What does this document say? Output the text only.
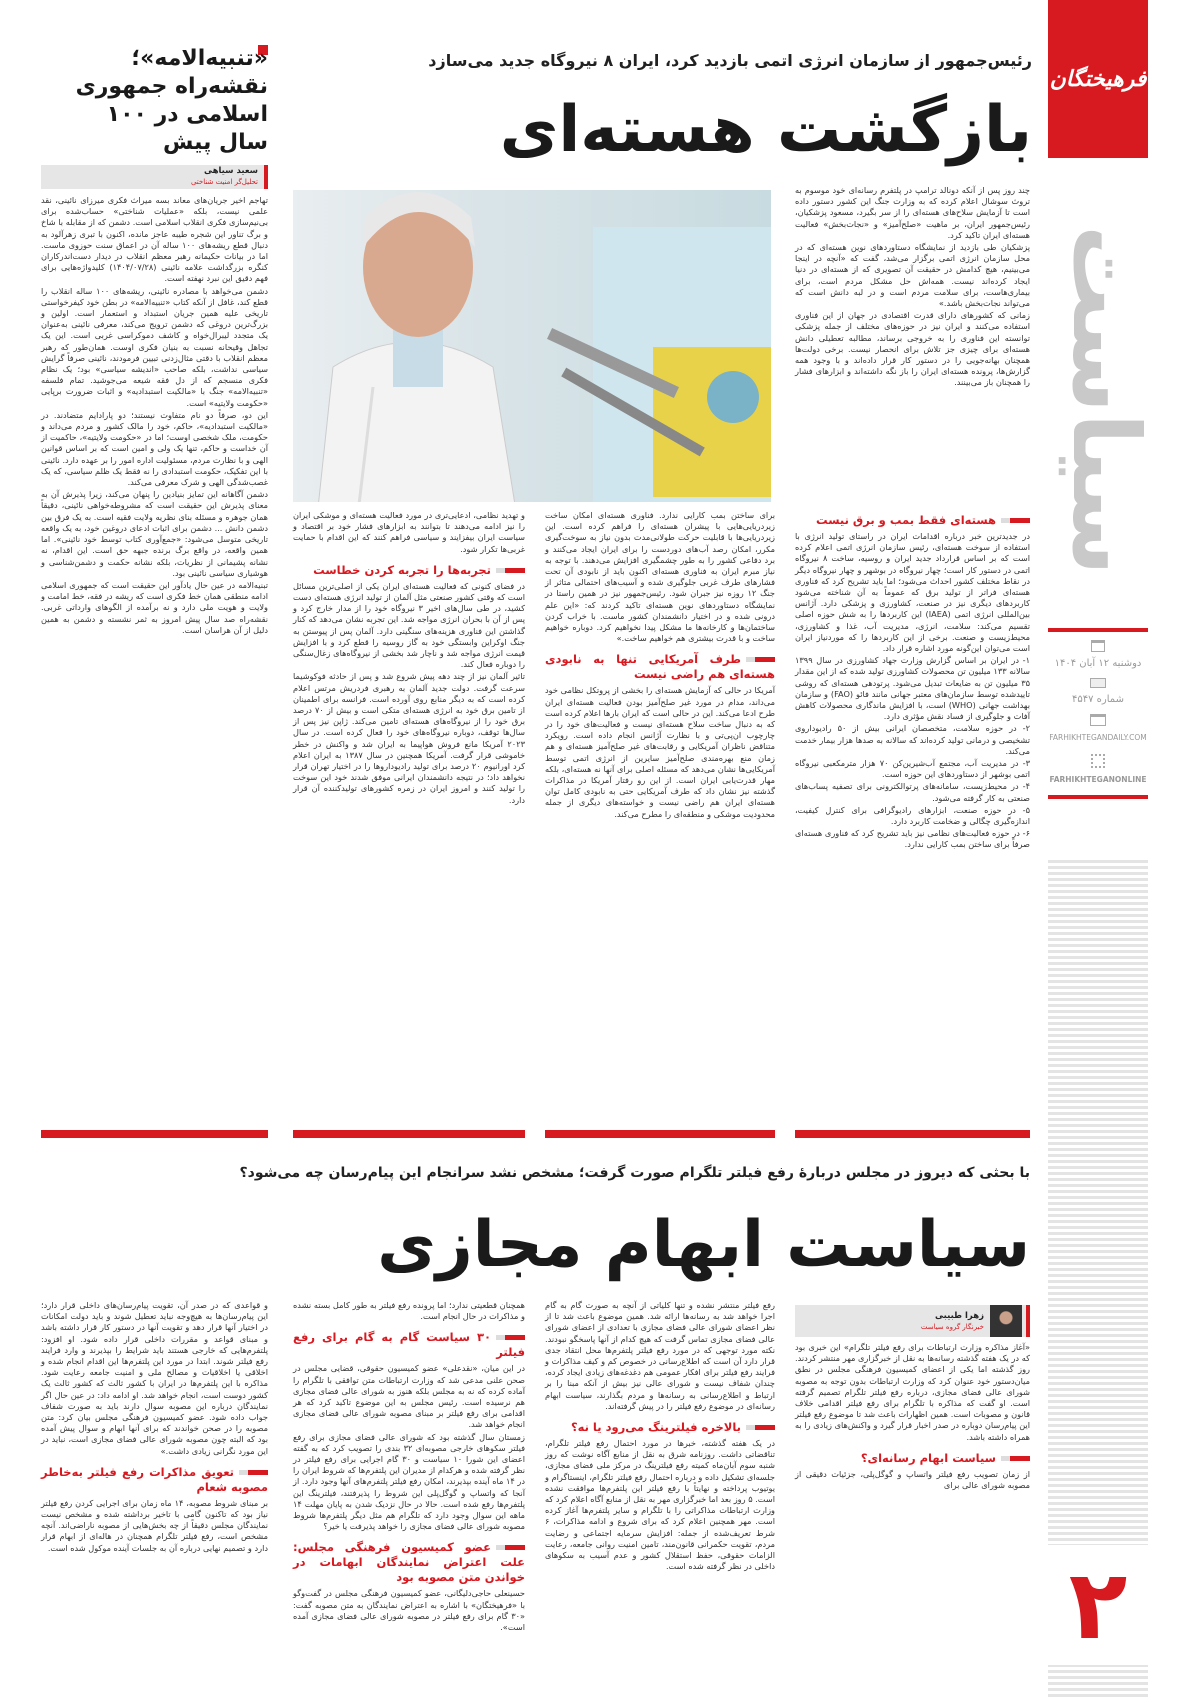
فرهیختگان
سیاست
دوشنبه ۱۲ آبان ۱۴۰۴
شماره ۴۵۴۷
FARHIKHTEGANDAILY.COM
FARHIKHTEGANONLINE
۲
رئیس‌جمهور از سازمان انرژی اتمی بازدید کرد، ایران ۸ نیروگاه جدید می‌سازد
بازگشت هسته‌ای

چند روز پس از آنکه دونالد ترامپ در پلتفرم رسانه‌ای خود موسوم به تروث سوشال اعلام کرده که به وزارت جنگ این کشور دستور داده است تا آزمایش سلاح‌های هسته‌ای را از سر بگیرد، مسعود پزشکیان، رئیس‌جمهور ایران، بر ماهیت «صلح‌آمیز» و «نجات‌بخش» فعالیت هسته‌ای ایران تاکید کرد.

پزشکیان طی بازدید از نمایشگاه دستاوردهای نوین هسته‌ای که در محل سازمان انرژی اتمی برگزار می‌شد، گفت که «آنچه در اینجا می‌بینیم، هیچ کدامش در حقیقت آن تصویری که از هسته‌ای در دنیا ایجاد کرده‌اند نیست. همه‌اش حل مشکل مردم است، برای بیماری‌هاست، برای سلامت مردم است و در لبه دانش است که می‌تواند نجات‌بخش باشد.»

زمانی که کشورهای دارای قدرت اقتصادی در جهان از این فناوری استفاده می‌کنند و ایران نیز در حوزه‌های مختلف از جمله پزشکی توانسته این فناوری را به خروجی برساند، مطالبه تعطیلی دانش هسته‌ای برای چیزی جز تلاش برای انحصار نیست. برخی دولت‌ها همچنان بهانه‌جویی را در دستور کار قرار داده‌اند و با وجود همه گزارش‌ها، پرونده هسته‌ای ایران را باز نگه داشته‌اند و ابزارهای فشار را همچنان باز می‌بینند.

هسته‌ای فقط بمب و برق نیست

در جدیدترین خبر درباره اقدامات ایران در راستای تولید انرژی با استفاده از سوخت هسته‌ای، رئیس سازمان انرژی اتمی اعلام کرده است که بر اساس قرارداد جدید ایران و روسیه، ساخت ۸ نیروگاه اتمی در دستور کار است؛ چهار نیروگاه در بوشهر و چهار نیروگاه دیگر در نقاط مختلف کشور احداث می‌شود؛ اما باید تشریح کرد که فناوری هسته‌ای فراتر از تولید برق که عموماً به آن شناخته می‌شود کاربردهای دیگری نیز در صنعت، کشاورزی و پزشکی دارد. آژانس بین‌المللی انرژی اتمی (IAEA) این کاربردها را به شش حوزه اصلی تقسیم می‌کند: سلامت، انرژی، مدیریت آب، غذا و کشاورزی، محیط‌زیست و صنعت. برخی از این کاربردها را که موردنیاز ایران است می‌توان این‌گونه مورد اشاره قرار داد.

۱- در ایران بر اساس گزارش وزارت جهاد کشاورزی در سال ۱۳۹۹ سالانه ۱۳۳ میلیون تن محصولات کشاورزی تولید شده که از این مقدار ۳۵ میلیون تن به ضایعات تبدیل می‌شود. پرتودهی هسته‌ای که روشی تاییدشده توسط سازمان‌های معتبر جهانی مانند فائو (FAO) و سازمان بهداشت جهانی (WHO) است، با افزایش ماندگاری محصولات کاهش آفات و جلوگیری از فساد نقش مؤثری دارد.

۲- در حوزه سلامت، متخصصان ایرانی بیش از ۵۰ رادیوداروی تشخیصی و درمانی تولید کرده‌اند که سالانه به صدها هزار بیمار خدمت می‌کند.

۳- در مدیریت آب، مجتمع آب‌شیرین‌کن ۷۰ هزار مترمکعبی نیروگاه اتمی بوشهر از دستاوردهای این حوزه است.

۴- در محیط‌زیست، سامانه‌های پرتوالکترونی برای تصفیه پساب‌های صنعتی به کار گرفته می‌شود.

۵- در حوزه صنعت، ابزارهای رادیوگرافی برای کنترل کیفیت، اندازه‌گیری چگالی و ضخامت کاربرد دارد.

۶- در حوزه فعالیت‌های نظامی نیز باید تشریح کرد که فناوری هسته‌ای صرفاً برای ساختن بمب کارایی ندارد.

برای ساختن بمب کارایی ندارد. فناوری هسته‌ای امکان ساخت زیردریایی‌هایی با پیشران هسته‌ای را فراهم کرده است. این زیردریایی‌ها با قابلیت حرکت طولانی‌مدت بدون نیاز به سوخت‌گیری مکرر، امکان رصد آب‌های دوردست را برای ایران ایجاد می‌کنند و برد دفاعی کشور را به طور چشمگیری افزایش می‌دهند. با توجه به نیاز مبرم ایران به فناوری هسته‌ای اکنون باید از نابودی آن تحت فشارهای طرف غربی جلوگیری شده و آسیب‌های احتمالی متاثر از جنگ ۱۲ روزه نیز جبران شود. رئیس‌جمهور نیز در همین راستا در نمایشگاه دستاوردهای نوین هسته‌ای تاکید کردند که: «این علم درونی شده و در اختیار دانشمندان کشور ماست. با خراب کردن ساختمان‌ها و کارخانه‌ها ما مشکل پیدا نخواهیم کرد. دوباره خواهیم ساخت و با قدرت بیشتری هم خواهیم ساخت.»

طرف آمریکایی تنها به نابودی هسته‌ای هم راضی نیست

آمریکا در حالی که آزمایش هسته‌ای را بخشی از پروتکل نظامی خود می‌داند، مدام در مورد غیر صلح‌آمیز بودن فعالیت هسته‌ای ایران طرح ادعا می‌کند. این در حالی است که ایران بارها اعلام کرده است که به دنبال ساخت سلاح هسته‌ای نیست و فعالیت‌های خود را در چارچوب ان‌پی‌تی و با نظارت آژانس انجام داده است. رویکرد متناقض ناظران آمریکایی و رقابت‌های غیر صلح‌آمیز هسته‌ای و هم زمان منع بهره‌مندی صلح‌آمیز سایرین از انرژی اتمی توسط آمریکایی‌ها نشان می‌دهد که مسئله اصلی برای آنها نه هسته‌ای، بلکه مهار قدرت‌یابی ایران است. از این رو رفتار آمریکا در مذاکرات گذشته نیز نشان داد که طرف آمریکایی حتی به نابودی کامل توان هسته‌ای ایران هم راضی نیست و خواسته‌های دیگری از جمله محدودیت موشکی و منطقه‌ای را مطرح می‌کند.

و تهدید نظامی، ادعایی‌تری در مورد فعالیت هسته‌ای و موشکی ایران را نیز ادامه می‌دهند تا بتوانند به ابزارهای فشار خود بر اقتصاد و سیاست ایران بیفزایند و سیاسی فراهم کنند که این اقدام با حمایت غربی‌ها تکرار شود.

تجربه‌ها را تجربه کردن خطاست

در فضای کنونی که فعالیت هسته‌ای ایران یکی از اصلی‌ترین مسائل است که وقتی کشور صنعتی مثل آلمان از تولید انرژی هسته‌ای دست کشید، در طی سال‌های اخیر ۳ نیروگاه خود را از مدار خارج کرد و پس از آن با بحران انرژی مواجه شد. این تجربه نشان می‌دهد که کنار گذاشتن این فناوری هزینه‌های سنگینی دارد. آلمان پس از پیوستن به جنگ اوکراین وابستگی خود به گاز روسیه را قطع کرد و با افزایش قیمت انرژی مواجه شد و ناچار شد بخشی از نیروگاه‌های زغال‌سنگی را دوباره فعال کند.

تاثیر آلمان نیز از چند دهه پیش شروع شد و پس از حادثه فوکوشیما سرعت گرفت. دولت جدید آلمان به رهبری فردریش مرتس اعلام کرده است که به دیگر منابع روی آورده است. فرانسه برای اطمینان از تامین برق خود به انرژی هسته‌ای متکی است و بیش از ۷۰ درصد برق خود را از نیروگاه‌های هسته‌ای تامین می‌کند. ژاپن نیز پس از سال‌ها توقف، دوباره نیروگاه‌های خود را فعال کرده است. در سال ۲۰۲۳ آمریکا مانع فروش هواپیما به ایران شد و واکنش در خطر خاموشی قرار گرفت. آمریکا همچنین در سال ۱۳۸۷ به ایران اعلام کرد اورانیوم ۲۰ درصد برای تولید رادیوداروها را در اختیار تهران قرار نخواهد داد؛ در نتیجه دانشمندان ایرانی موفق شدند خود این سوخت را تولید کنند و امروز ایران در زمره کشورهای تولیدکننده آن قرار دارد.

«تنبیه‌الامه»؛ نقشه‌راه جمهوری اسلامی در ۱۰۰ سال پیش
سعید سیاهی
تحلیل‌گر امنیت شناختی

تهاجم اخیر جریان‌های معاند بسه میراث فکری میرزای نائینی، نقد علمی نیست، بلکه «عملیات شناختی» حساب‌شده برای بی‌نیم‌سازی فکری انقلاب اسلامی است. دشمن که از مقابله با شاخ و برگ تناور این شجره طیبه عاجز مانده، اکنون با تبری زهرآلود به دنبال قطع ریشه‌های ۱۰۰ ساله آن در اعماق سنت حوزوی ماست. اما در بیانات حکیمانه رهبر معظم انقلاب در دیدار دست‌اندرکاران کنگره بزرگداشت علامه نائینی (۱۴۰۴/۰۷/۲۸) کلیدواژه‌هایی برای فهم دقیق این نبرد نهفته است.

دشمن می‌خواهد با مصادره نائینی، ریشه‌های ۱۰۰ ساله انقلاب را قطع کند، غافل از آنکه کتاب «تنبیه‌الامه» در بطن خود کیفرخواستی تاریخی علیه همین جریان استبداد و استعمار است. اولین و بزرگ‌ترین دروغی که دشمن ترویج می‌کند، معرفی نائینی به‌عنوان یک متجدد لیبرال‌خواه و کاشف دموکراسی غربی است. این یک تجاهل وقیحانه نسبت به بنیان فکری اوست. همان‌طور که رهبر معظم انقلاب با دقتی مثال‌زدنی تبیین فرمودند، نائینی صرفاً گرایش سیاسی نداشت، بلکه صاحب «اندیشه سیاسی» بود؛ یک نظام فکری منسجم که از دل فقه شیعه می‌جوشید. تمام فلسفه «تنبیه‌الامه» جنگ با «مالکیت استبدادیه» و اثبات ضرورت برپایی «حکومت ولایتیه» است.

این دو، صرفاً دو نام متفاوت نیستند؛ دو پارادایم متضادند. در «مالکیت استبدادیه»، حاکم، خود را مالک کشور و مردم می‌داند و حکومت، ملک شخصی اوست؛ اما در «حکومت ولایتیه»، حاکمیت از آن خداست و حاکم، تنها یک ولی و امین است که بر اساس قوانین الهی و با نظارت مردم، مسئولیت اداره امور را بر عهده دارد. نائینی با این تفکیک، حکومت استبدادی را نه فقط یک ظلم سیاسی، که یک غصب‌شدگی الهی و شرک معرفی می‌کند.

دشمن آگاهانه این تمایز بنیادین را پنهان می‌کند، زیرا پذیرش آن به معنای پذیرش این حقیقت است که مشروطه‌خواهی نائینی، دقیقاً همان جوهره و مسئله بنای نظریه ولایت فقیه است. به یک فرق بین دشمن دانش ... دشمن برای اثبات ادعای دروغین خود، به یک واقعه تاریخی متوسل می‌شود: «جمع‌آوری کتاب توسط خود نائینی». اما همین واقعه، در واقع برگ برنده جبهه حق است. این اقدام، نه نشانه پشیمانی از نظریات، بلکه نشانه حکمت و دشمن‌شناسی و هوشیاری سیاسی نائینی بود.

تبنیه‌الامه در عین حال یادآور این حقیقت است که جمهوری اسلامی ادامه منطقی همان خط فکری است که ریشه در فقه، خط امامت و ولایت و هویت ملی دارد و نه برآمده از الگوهای وارداتی غربی. نقشه‌راه صد سال پیش امروز به ثمر نشسته و دشمن به همین دلیل از آن هراسان است.

با بحثی که دیروز در مجلس دربارهٔ رفع فیلتر تلگرام صورت گرفت؛ مشخص نشد سرانجام این پیام‌رسان چه می‌شود؟
سیاست ابهام مجازی
زهرا طبیبی
خبرنگار گروه سیاست

«آغاز مذاکره وزارت ارتباطات برای رفع فیلتر تلگرام» این خبری بود که در یک هفته گذشته رسانه‌ها به نقل از خبرگزاری مهر منتشر کردند. روز گذشته اما یکی از اعضای کمیسیون فرهنگی مجلس در نطق میان‌دستور خود عنوان کرد که وزارت ارتباطات بدون توجه به مصوبه شورای عالی فضای مجازی، درباره رفع فیلتر تلگرام تصمیم گرفته است. او گفت که مذاکره با تلگرام برای رفع فیلتر اقدامی خلاف قانون و مصوبات است. همین اظهارات باعث شد تا موضوع رفع فیلتر این پیام‌رسان دوباره در صدر اخبار قرار گیرد و واکنش‌های زیادی را به همراه داشته باشد.

سیاست ابهام رسانه‌ای؟

از زمان تصویب رفع فیلتر واتساپ و گوگل‌پلی، جزئیات دقیقی از مصوبه شورای عالی برای

رفع فیلتر منتشر نشده و تنها کلیاتی از آنچه به صورت گام به گام اجرا خواهد شد به رسانه‌ها ارائه شد. همین موضوع باعث شد تا از نظر اعضای شورای عالی فضای مجازی با تعدادی از اعضای شورای عالی فضای مجازی تماس گرفت که هیچ کدام از آنها پاسخگو نبودند. نکته مورد توجهی که در مورد رفع فیلتر پلتفرم‌ها محل انتقاد جدی قرار دارد آن است که اطلاع‌رسانی در خصوص کم و کیف مذاکرات و فرایند رفع فیلتر برای افکار عمومی هم دغدغه‌های زیادی ایجاد کرده، چندان شفاف نیست و شورای عالی نیز بیش از آنکه مبنا را بر ارتباط و اطلاع‌رسانی به رسانه‌ها و مردم بگذارند، سیاست ابهام رسانه‌ای در موضوع رفع فیلتر را در پیش گرفته‌اند.

بالاخره فیلترینگ می‌رود یا نه؟

در یک هفته گذشته، خبرها در مورد احتمال رفع فیلتر تلگرام، تناقضاتی داشت. روزنامه شرق به نقل از منابع آگاه نوشت که روز شنبه سوم آبان‌ماه کمیته رفع فیلترینگ در مرکز ملی فضای مجازی، جلسه‌ای تشکیل داده و درباره احتمال رفع فیلتر تلگرام، اینستاگرام و یوتیوب پرداخته و نهایتاً با رفع فیلتر این پلتفرم‌ها موافقت نشده است. ۵ روز بعد اما خبرگزاری مهر به نقل از منابع آگاه اعلام کرد که وزارت ارتباطات مذاکراتی را با تلگرام و سایر پلتفرم‌ها آغاز کرده است. مهر همچنین اعلام کرد که برای شروع و ادامه مذاکرات، ۶ شرط تعریف‌شده از جمله: افزایش سرمایه اجتماعی و رضایت مردم، تقویت حکمرانی قانون‌مند، تامین امنیت روانی جامعه، رعایت الزامات حقوقی، حفظ استقلال کشور و عدم آسیب به سکوهای داخلی در نظر گرفته شده است.

همچنان قطعیتی ندارد؛ اما پرونده رفع فیلتر به طور کامل بسته نشده و مذاکرات در حال انجام است.

۳۰ سیاست گام به گام برای رفع فیلتر

در این میان، «نقدعلی» عضو کمیسیون حقوقی، قضایی مجلس در صحن علنی مدعی شد که وزارت ارتباطات متن توافقی با تلگرام را آماده کرده که نه به مجلس بلکه هنوز به شورای عالی فضای مجازی هم نرسیده است. رئیس مجلس به این موضوع تاکید کرد که هر اقدامی برای رفع فیلتر بر مبنای مصوبه شورای عالی فضای مجازی انجام خواهد شد.

زمستان سال گذشته بود که شورای عالی فضای مجازی برای رفع فیلتر سکوهای خارجی مصوبه‌ای ۳۲ بندی را تصویب کرد که به گفته اعضای این شورا ۱۰ سیاست و ۳۰ گام اجرایی برای رفع فیلتر در نظر گرفته شده و هرکدام از مدیران این پلتفرم‌ها که شروط ایران را در ۱۴ ماه آینده بپذیرند، امکان رفع فیلتر پلتفرم‌های آنها وجود دارد. از آنجا که واتساپ و گوگل‌پلی این شروط را پذیرفتند، فیلترینگ این پلتفرم‌ها رفع شده است. حالا در حال نزدیک شدن به پایان مهلت ۱۴ ماهه این سوال وجود دارد که تلگرام هم مثل دیگر پلتفرم‌ها شروط مصوبه شورای عالی فضای مجازی را خواهد پذیرفت یا خیر؟

عضو کمیسیون فرهنگی مجلس: علت اعتراض نمایندگان ابهامات در خواندن متن مصوبه بود

حسینعلی حاجی‌دلیگانی، عضو کمیسیون فرهنگی مجلس در گفت‌وگو با «فرهیختگان» با اشاره به اعتراض نمایندگان به متن مصوبه گفت: «۳۰ گام برای رفع فیلتر در مصوبه شورای عالی فضای مجازی آمده است».

و قواعدی که در صدر آن، تقویت پیام‌رسان‌های داخلی قرار دارد؛ این پیام‌رسان‌ها به هیچ‌وجه نباید تعطیل شوند و باید دولت امکانات در اختیار آنها قرار دهد و تقویت آنها در دستور کار قرار داشته باشد و مبنای قواعد و مقررات داخلی قرار داده شود. او افزود: پلتفرم‌هایی که خارجی هستند باید شرایط را بپذیرند و وارد فرایند رفع فیلتر شوند. ابتدا در مورد این پلتفرم‌ها این اقدام انجام شده و اخلاقی یا اخلاقیات و مصالح ملی و امنیت جامعه رعایت شود. مذاکره با این پلتفرم‌ها در ایران با کشور ثالث که کشور ثالث یک کشور دوست است، انجام خواهد شد. او ادامه داد: در عین حال اگر نمایندگان درباره این مصوبه سوال دارند باید به صورت شفاف جواب داده شود. عضو کمیسیون فرهنگی مجلس بیان کرد: متن مصوبه را در صحن خواندند که برای آنها ابهام و سوال پیش آمده بود که البته چون مصوبه شورای عالی فضای مجازی است، نباید در این مورد نگرانی زیادی داشت.»

تعویق مذاکرات رفع فیلتر به‌خاطر مصوبه شعام

بر مبنای شروط مصوبه، ۱۴ ماه زمان برای اجرایی کردن رفع فیلتر نیاز بود که تاکنون گامی با تاخیر برداشته شده و مشخص نیست نمایندگان مجلس دقیقاً از چه بخش‌هایی از مصوبه ناراضی‌اند. آنچه مشخص است، رفع فیلتر تلگرام همچنان در هاله‌ای از ابهام قرار دارد و تصمیم نهایی درباره آن به جلسات آینده موکول شده است.
